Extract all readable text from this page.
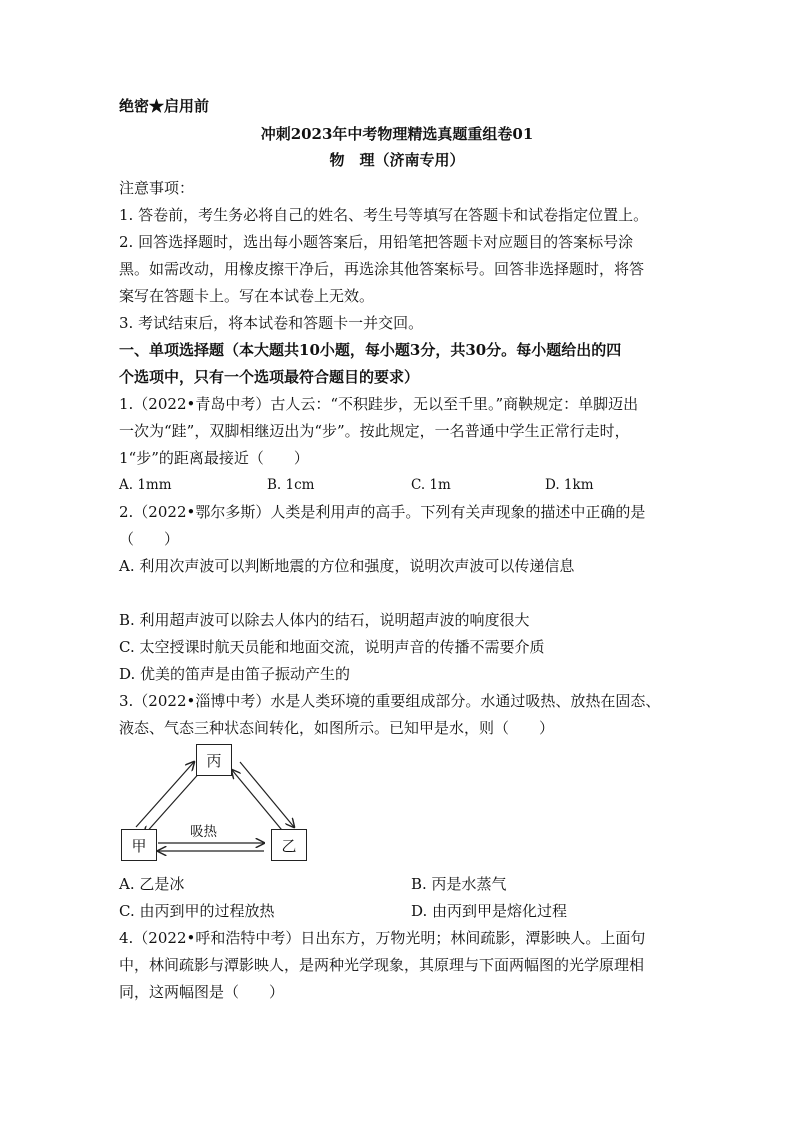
绝密★启用前
冲刺2023年中考物理精选真题重组卷01
物　理（济南专用）
注意事项：
1. 答卷前，考生务必将自己的姓名、考生号等填写在答题卡和试卷指定位置上。
2. 回答选择题时，选出每小题答案后，用铅笔把答题卡对应题目的答案标号涂
黑。如需改动，用橡皮擦干净后，再选涂其他答案标号。回答非选择题时，将答
案写在答题卡上。写在本试卷上无效。
3. 考试结束后，将本试卷和答题卡一并交回。
一、单项选择题（本大题共10小题，每小题3分，共30分。每小题给出的四
个选项中，只有一个选项最符合题目的要求）
1.（2022•青岛中考）古人云：“不积跬步，无以至千里。”商鞅规定：单脚迈出
一次为“跬”，双脚相继迈出为“步”。按此规定，一名普通中学生正常行走时，
1“步”的距离最接近（　　）
A. 1mm	B. 1cm	C. 1m	D. 1km
2.（2022•鄂尔多斯）人类是利用声的高手。下列有关声现象的描述中正确的是
（　　）
A. 利用次声波可以判断地震的方位和强度，说明次声波可以传递信息
B. 利用超声波可以除去人体内的结石，说明超声波的响度很大
C. 太空授课时航天员能和地面交流，说明声音的传播不需要介质
D. 优美的笛声是由笛子振动产生的
3.（2022•淄博中考）水是人类环境的重要组成部分。水通过吸热、放热在固态、
液态、气态三种状态间转化，如图所示。已知甲是水，则（　　）
丙
甲	乙
吸热
A. 乙是冰	B. 丙是水蒸气
C. 由丙到甲的过程放热	D. 由丙到甲是熔化过程
4.（2022•呼和浩特中考）日出东方，万物光明；林间疏影，潭影映人。上面句
中，林间疏影与潭影映人，是两种光学现象，其原理与下面两幅图的光学原理相
同，这两幅图是（　　）
